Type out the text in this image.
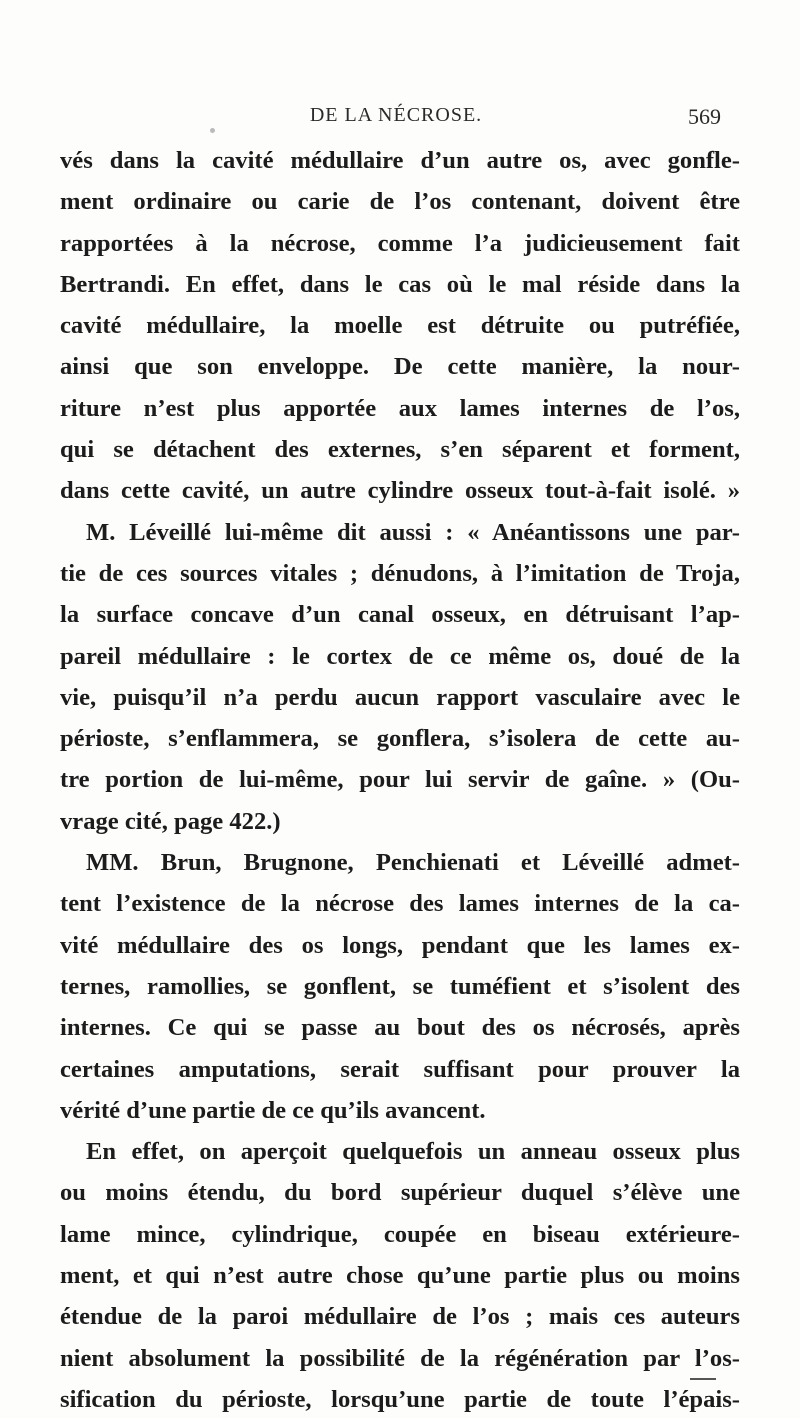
DE LA NÉCROSE.	569
vés dans la cavité médullaire d’un autre os, avec gonfle-
ment ordinaire ou carie de l’os contenant, doivent être
rapportées à la nécrose, comme l’a judicieusement fait
Bertrandi. En effet, dans le cas où le mal réside dans la
cavité médullaire, la moelle est détruite ou putréfiée,
ainsi que son enveloppe. De cette manière, la nour-
riture n’est plus apportée aux lames internes de l’os,
qui se détachent des externes, s’en séparent et forment,
dans cette cavité, un autre cylindre osseux tout-à-fait isolé. »
M. Léveillé lui-même dit aussi : « Anéantissons une par-
tie de ces sources vitales ; dénudons, à l’imitation de Troja,
la surface concave d’un canal osseux, en détruisant l’ap-
pareil médullaire : le cortex de ce même os, doué de la
vie, puisqu’il n’a perdu aucun rapport vasculaire avec le
périoste, s’enflammera, se gonflera, s’isolera de cette au-
tre portion de lui-même, pour lui servir de gaîne. » (Ou-
vrage cité, page 422.)
MM. Brun, Brugnone, Penchienati et Léveillé admet-
tent l’existence de la nécrose des lames internes de la ca-
vité médullaire des os longs, pendant que les lames ex-
ternes, ramollies, se gonflent, se tuméfient et s’isolent des
internes. Ce qui se passe au bout des os nécrosés, après
certaines amputations, serait suffisant pour prouver la
vérité d’une partie de ce qu’ils avancent.
En effet, on aperçoit quelquefois un anneau osseux plus
ou moins étendu, du bord supérieur duquel s’élève une
lame mince, cylindrique, coupée en biseau extérieure-
ment, et qui n’est autre chose qu’une partie plus ou moins
étendue de la paroi médullaire de l’os ; mais ces auteurs
nient absolument la possibilité de la régénération par l’os-
sification du périoste, lorsqu’une partie de toute l’épais-
